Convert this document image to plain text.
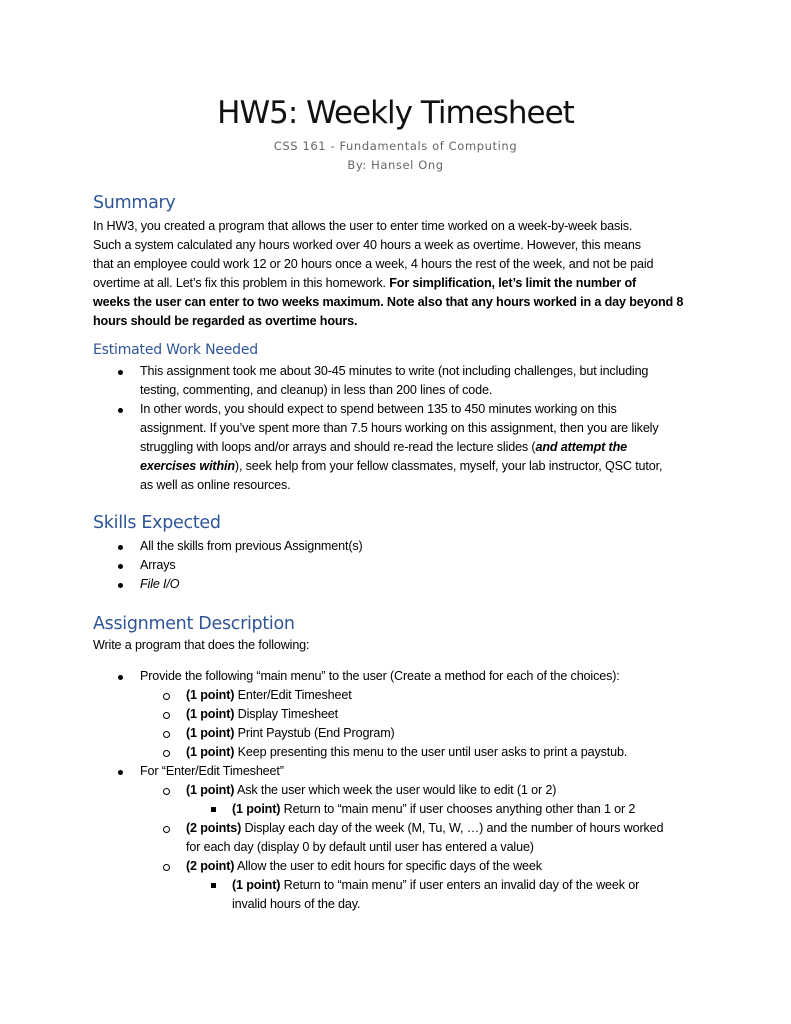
HW5: Weekly Timesheet
CSS 161 - Fundamentals of Computing
By: Hansel Ong
Summary
In HW3, you created a program that allows the user to enter time worked on a week-by-week basis.
Such a system calculated any hours worked over 40 hours a week as overtime. However, this means
that an employee could work 12 or 20 hours once a week, 4 hours the rest of the week, and not be paid
overtime at all. Let’s fix this problem in this homework. For simplification, let’s limit the number of
weeks the user can enter to two weeks maximum. Note also that any hours worked in a day beyond 8
hours should be regarded as overtime hours.
Estimated Work Needed
This assignment took me about 30-45 minutes to write (not including challenges, but including
testing, commenting, and cleanup) in less than 200 lines of code.
In other words, you should expect to spend between 135 to 450 minutes working on this
assignment. If you’ve spent more than 7.5 hours working on this assignment, then you are likely
struggling with loops and/or arrays and should re-read the lecture slides (and attempt the
exercises within), seek help from your fellow classmates, myself, your lab instructor, QSC tutor,
as well as online resources.
Skills Expected
All the skills from previous Assignment(s)
Arrays
File I/O
Assignment Description
Write a program that does the following:
Provide the following “main menu” to the user (Create a method for each of the choices):
(1 point) Enter/Edit Timesheet
(1 point) Display Timesheet
(1 point) Print Paystub (End Program)
(1 point) Keep presenting this menu to the user until user asks to print a paystub.
For “Enter/Edit Timesheet”
(1 point) Ask the user which week the user would like to edit (1 or 2)
(1 point) Return to “main menu” if user chooses anything other than 1 or 2
(2 points) Display each day of the week (M, Tu, W, …) and the number of hours worked
for each day (display 0 by default until user has entered a value)
(2 point) Allow the user to edit hours for specific days of the week
(1 point) Return to “main menu” if user enters an invalid day of the week or
invalid hours of the day.
